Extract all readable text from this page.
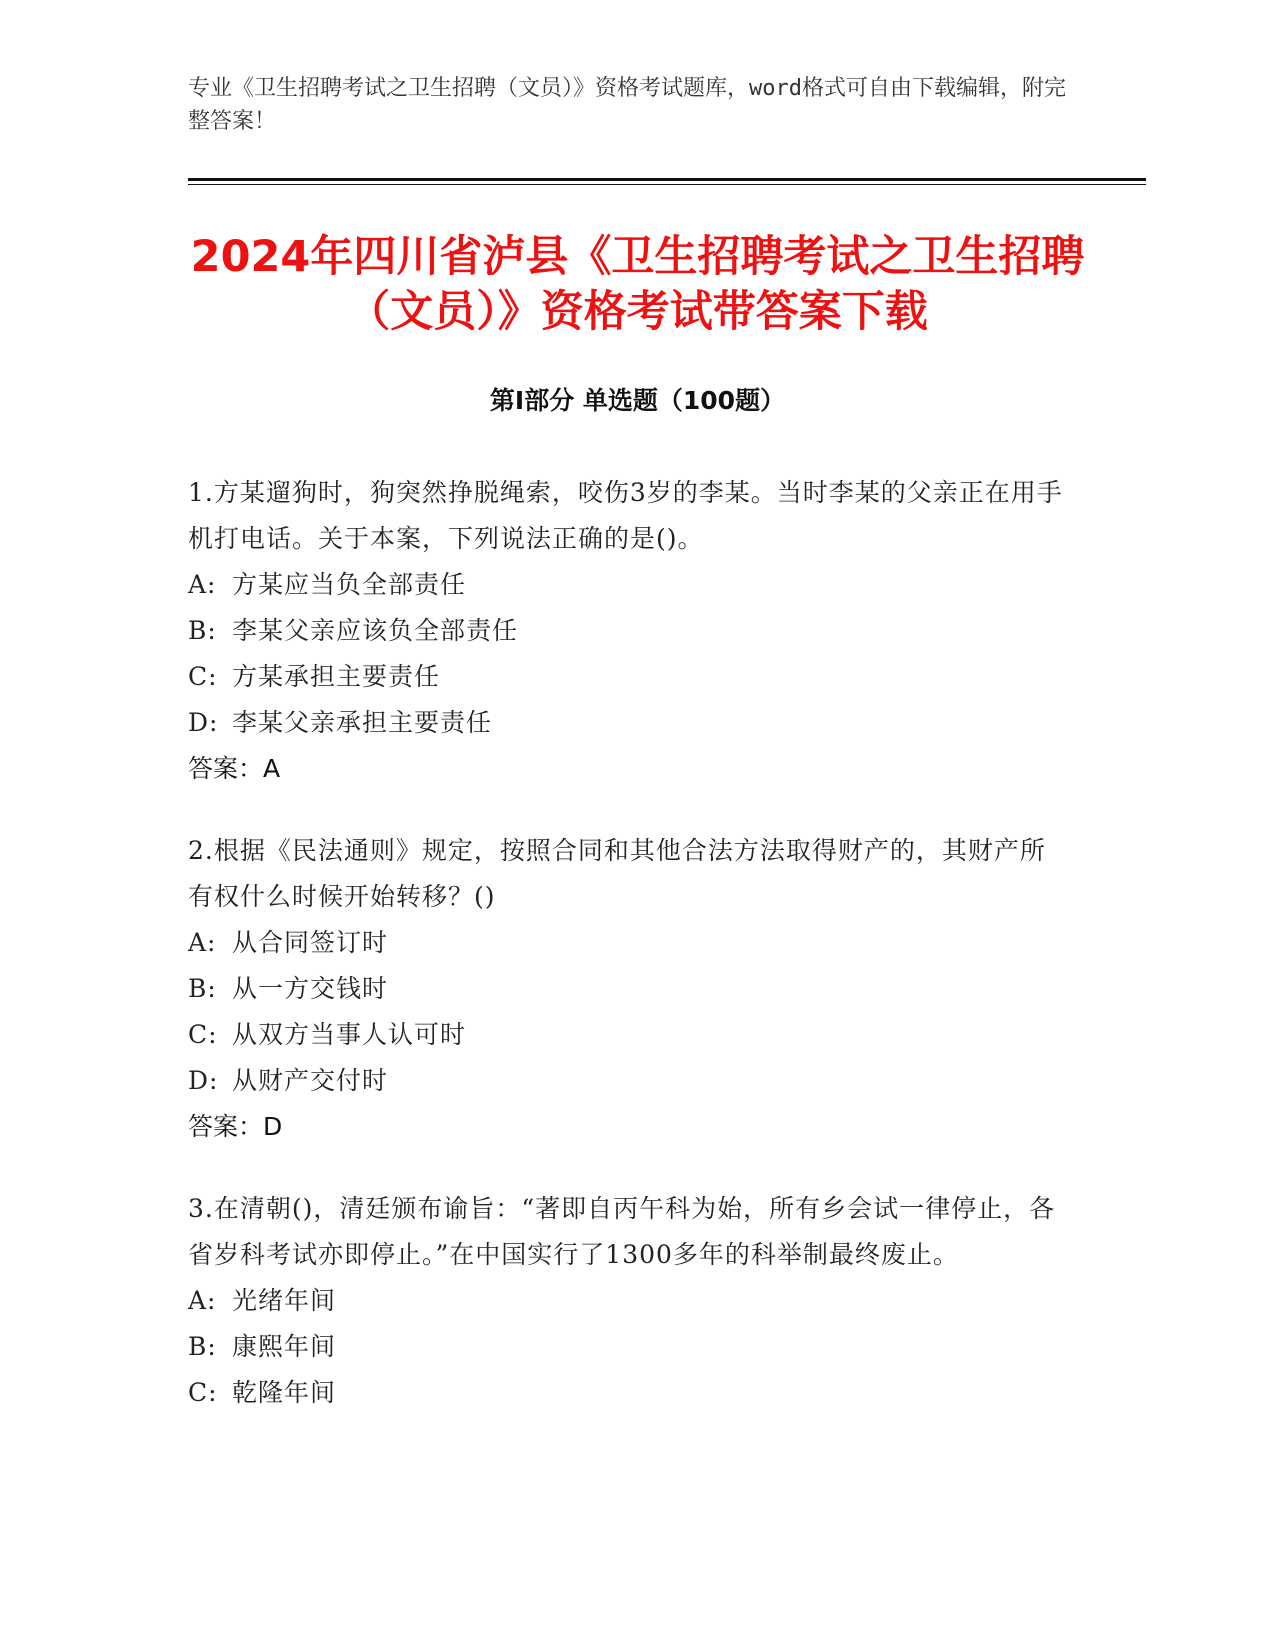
专业《卫生招聘考试之卫生招聘（文员）》资格考试题库，word格式可自由下载编辑，附完整答案！
2024年四川省泸县《卫生招聘考试之卫生招聘（文员）》资格考试带答案下载
第Ⅰ部分 单选题（100题）
1.方某遛狗时，狗突然挣脱绳索，咬伤3岁的李某。当时李某的父亲正在用手机打电话。关于本案，下列说法正确的是()。
A: 方某应当负全部责任
B: 李某父亲应该负全部责任
C: 方某承担主要责任
D: 李某父亲承担主要责任
答案：A
2.根据《民法通则》规定，按照合同和其他合法方法取得财产的，其财产所有权什么时候开始转移？()
A: 从合同签订时
B: 从一方交钱时
C: 从双方当事人认可时
D: 从财产交付时
答案：D
3.在清朝()，清廷颁布谕旨：“著即自丙午科为始，所有乡会试一律停止，各省岁科考试亦即停止。”在中国实行了1300多年的科举制最终废止。
A: 光绪年间
B: 康熙年间
C: 乾隆年间
